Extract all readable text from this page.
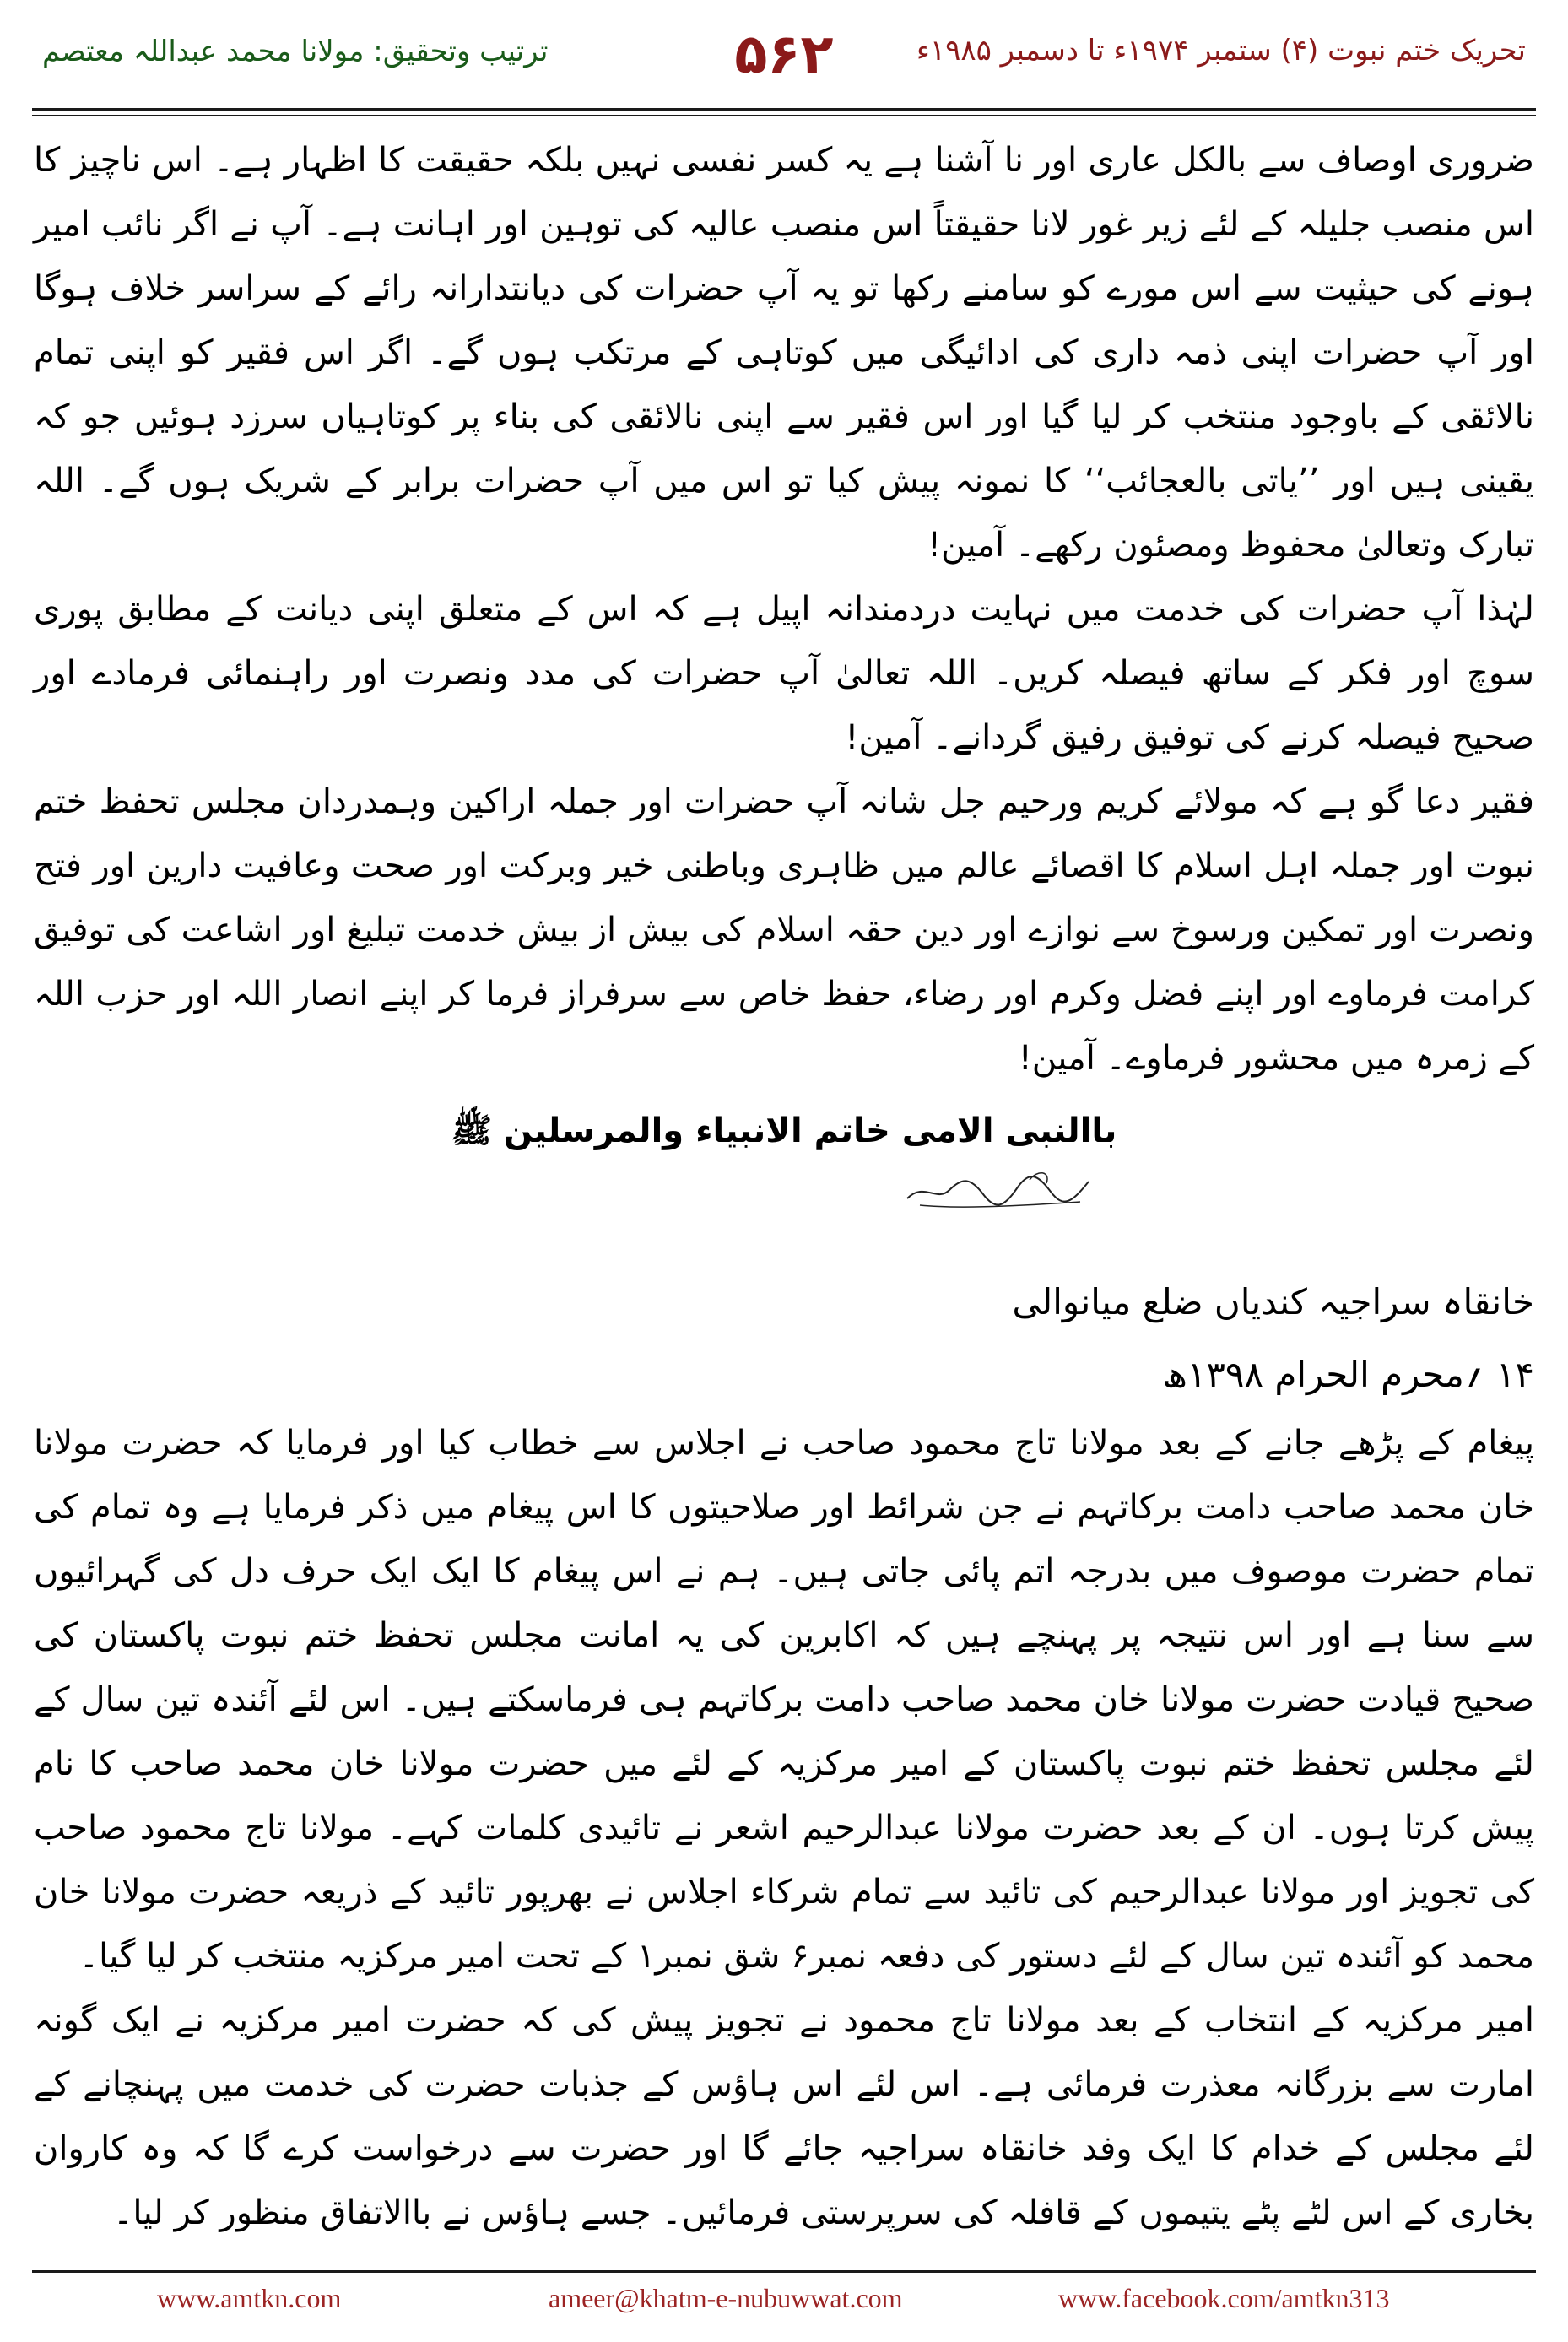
ترتیب وتحقیق: مولانا محمد عبداللہ معتصم	۵۶۲	تحریک ختم نبوت (۴) ستمبر ۱۹۷۴ء تا دسمبر ۱۹۸۵ء

ضروری اوصاف سے بالکل عاری اور نا آشنا ہے یہ کسر نفسی نہیں بلکہ حقیقت کا اظہار ہے۔ اس ناچیز کا اس منصب جلیلہ کے لئے زیر غور لانا حقیقتاً اس منصب عالیہ کی توہین اور اہانت ہے۔ آپ نے اگر نائب امیر ہونے کی حیثیت سے اس مورے کو سامنے رکھا تو یہ آپ حضرات کی دیانتدارانہ رائے کے سراسر خلاف ہوگا اور آپ حضرات اپنی ذمہ داری کی ادائیگی میں کوتاہی کے مرتکب ہوں گے۔ اگر اس فقیر کو اپنی تمام نالائقی کے باوجود منتخب کر لیا گیا اور اس فقیر سے اپنی نالائقی کی بناء پر کوتاہیاں سرزد ہوئیں جو کہ یقینی ہیں اور ’’یاتی بالعجائب‘‘ کا نمونہ پیش کیا تو اس میں آپ حضرات برابر کے شریک ہوں گے۔ اللہ تبارک وتعالیٰ محفوظ ومصئون رکھے۔ آمین!

لہٰذا آپ حضرات کی خدمت میں نہایت دردمندانہ اپیل ہے کہ اس کے متعلق اپنی دیانت کے مطابق پوری سوچ اور فکر کے ساتھ فیصلہ کریں۔ اللہ تعالیٰ آپ حضرات کی مدد ونصرت اور راہنمائی فرمادے اور صحیح فیصلہ کرنے کی توفیق رفیق گردانے۔ آمین!

فقیر دعا گو ہے کہ مولائے کریم ورحیم جل شانہ آپ حضرات اور جملہ اراکین وہمدردان مجلس تحفظ ختم نبوت اور جملہ اہل اسلام کا اقصائے عالم میں ظاہری وباطنی خیر وبرکت اور صحت وعافیت دارین اور فتح ونصرت اور تمکین ورسوخ سے نوازے اور دین حقہ اسلام کی بیش از بیش خدمت تبلیغ اور اشاعت کی توفیق کرامت فرماوے اور اپنے فضل وکرم اور رضاء، حفظ خاص سے سرفراز فرما کر اپنے انصار اللہ اور حزب اللہ کے زمرہ میں محشور فرماوے۔ آمین!

باالنبی الامی خاتم الانبیاء والمرسلین ﷺ

خانقاہ سراجیہ کندیاں ضلع میانوالی

۱۴ ؍محرم الحرام ۱۳۹۸ھ

پیغام کے پڑھے جانے کے بعد مولانا تاج محمود صاحب نے اجلاس سے خطاب کیا اور فرمایا کہ حضرت مولانا خان محمد صاحب دامت برکاتہم نے جن شرائط اور صلاحیتوں کا اس پیغام میں ذکر فرمایا ہے وہ تمام کی تمام حضرت موصوف میں بدرجہ اتم پائی جاتی ہیں۔ ہم نے اس پیغام کا ایک ایک حرف دل کی گہرائیوں سے سنا ہے اور اس نتیجہ پر پہنچے ہیں کہ اکابرین کی یہ امانت مجلس تحفظ ختم نبوت پاکستان کی صحیح قیادت حضرت مولانا خان محمد صاحب دامت برکاتہم ہی فرماسکتے ہیں۔ اس لئے آئندہ تین سال کے لئے مجلس تحفظ ختم نبوت پاکستان کے امیر مرکزیہ کے لئے میں حضرت مولانا خان محمد صاحب کا نام پیش کرتا ہوں۔ ان کے بعد حضرت مولانا عبدالرحیم اشعر نے تائیدی کلمات کہے۔ مولانا تاج محمود صاحب کی تجویز اور مولانا عبدالرحیم کی تائید سے تمام شرکاء اجلاس نے بھرپور تائید کے ذریعہ حضرت مولانا خان محمد کو آئندہ تین سال کے لئے دستور کی دفعہ نمبر۶ شق نمبر۱ کے تحت امیر مرکزیہ منتخب کر لیا گیا۔

امیر مرکزیہ کے انتخاب کے بعد مولانا تاج محمود نے تجویز پیش کی کہ حضرت امیر مرکزیہ نے ایک گونہ امارت سے بزرگانہ معذرت فرمائی ہے۔ اس لئے اس ہاؤس کے جذبات حضرت کی خدمت میں پہنچانے کے لئے مجلس کے خدام کا ایک وفد خانقاہ سراجیہ جائے گا اور حضرت سے درخواست کرے گا کہ وہ کاروان بخاری کے اس لٹے پٹے یتیموں کے قافلہ کی سرپرستی فرمائیں۔ جسے ہاؤس نے باالاتفاق منظور کر لیا۔

www.amtkn.com	ameer@khatm-e-nubuwwat.com	www.facebook.com/amtkn313
